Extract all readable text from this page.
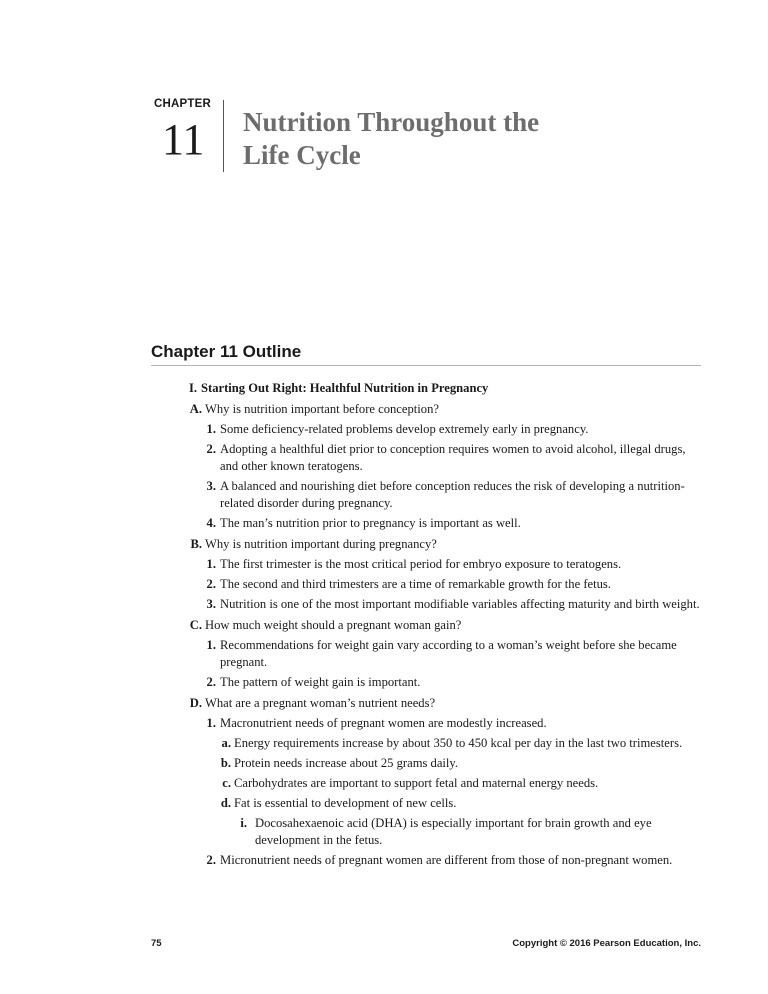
CHAPTER
11 Nutrition Throughout the
Life Cycle
Chapter 11 Outline
I. Starting Out Right: Healthful Nutrition in Pregnancy
A. Why is nutrition important before conception?
1. Some deficiency-related problems develop extremely early in pregnancy.
2. Adopting a healthful diet prior to conception requires women to avoid alcohol, illegal drugs, and other known teratogens.
3. A balanced and nourishing diet before conception reduces the risk of developing a nutrition-related disorder during pregnancy.
4. The man’s nutrition prior to pregnancy is important as well.
B. Why is nutrition important during pregnancy?
1. The first trimester is the most critical period for embryo exposure to teratogens.
2. The second and third trimesters are a time of remarkable growth for the fetus.
3. Nutrition is one of the most important modifiable variables affecting maturity and birth weight.
C. How much weight should a pregnant woman gain?
1. Recommendations for weight gain vary according to a woman’s weight before she became pregnant.
2. The pattern of weight gain is important.
D. What are a pregnant woman’s nutrient needs?
1. Macronutrient needs of pregnant women are modestly increased.
a. Energy requirements increase by about 350 to 450 kcal per day in the last two trimesters.
b. Protein needs increase about 25 grams daily.
c. Carbohydrates are important to support fetal and maternal energy needs.
d. Fat is essential to development of new cells.
i. Docosahexaenoic acid (DHA) is especially important for brain growth and eye development in the fetus.
2. Micronutrient needs of pregnant women are different from those of non-pregnant women.
75	Copyright © 2016 Pearson Education, Inc.
